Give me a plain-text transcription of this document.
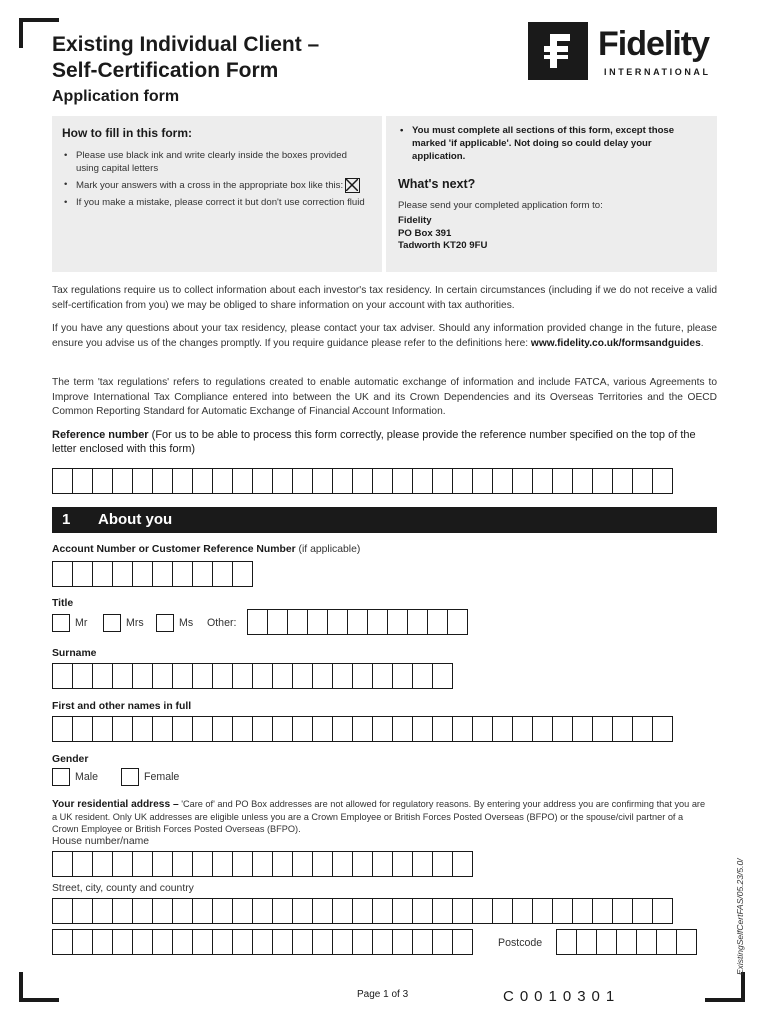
Existing Individual Client –
Self-Certification Form
Application form
Fidelity
INTERNATIONAL
How to fill in this form:
• Please use black ink and write clearly inside the boxes provided using capital letters
• Mark your answers with a cross in the appropriate box like this:
• If you make a mistake, please correct it but don't use correction fluid
• You must complete all sections of this form, except those marked 'if applicable'. Not doing so could delay your application.
What's next?

Please send your completed application form to:

Fidelity
PO Box 391
Tadworth KT20 9FU
Tax regulations require us to collect information about each investor's tax residency. In certain circumstances (including if we do not receive a valid self-certification from you) we may be obliged to share information on your account with tax authorities.
If you have any questions about your tax residency, please contact your tax adviser. Should any information provided change in the future, please ensure you advise us of the changes promptly. If you require guidance please refer to the definitions here: www.fidelity.co.uk/formsandguides.
The term 'tax regulations' refers to regulations created to enable automatic exchange of information and include FATCA, various Agreements to Improve International Tax Compliance entered into between the UK and its Crown Dependencies and its Overseas Territories and the OECD Common Reporting Standard for Automatic Exchange of Financial Account Information.
Reference number (For us to be able to process this form correctly, please provide the reference number specified on the top of the letter enclosed with this form)
1 About you
Account Number or Customer Reference Number (if applicable)
Title
Mr	Mrs	Ms Other:
Surname
First and other names in full
Gender
Male	Female
Your residential address – 'Care of' and PO Box addresses are not allowed for regulatory reasons. By entering your address you are confirming that you are a UK resident. Only UK addresses are eligible unless you are a Crown Employee or British Forces Posted Overseas (BFPO) or the spouse/civil partner of a Crown Employee or British Forces Posted Overseas (BFPO).
House number/name
Street, city, county and country
Postcode	ExistingSelfCertFAS/05.23/5.0/
Page 1 of 3	C0010301
